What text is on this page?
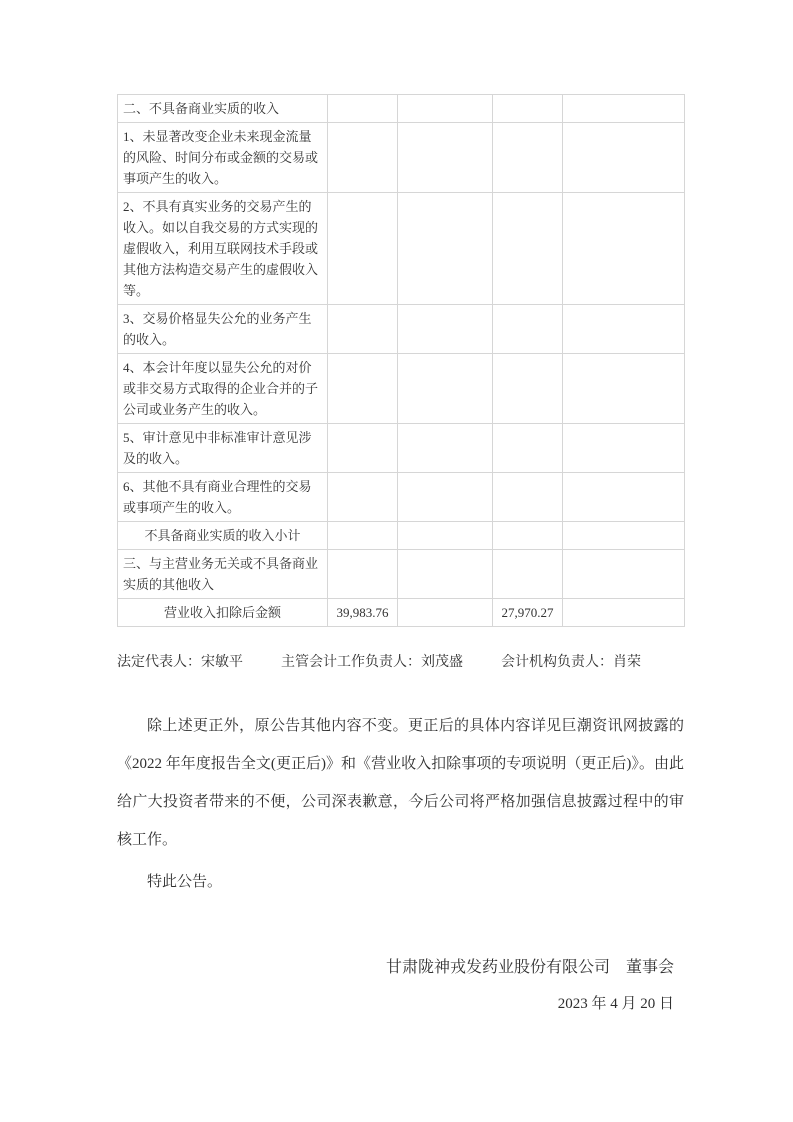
二、不具备商业实质的收入				
1、未显著改变企业未来现金流量的风险、时间分布或金额的交易或事项产生的收入。				
2、不具有真实业务的交易产生的收入。如以自我交易的方式实现的虚假收入，利用互联网技术手段或其他方法构造交易产生的虚假收入等。				
3、交易价格显失公允的业务产生的收入。				
4、本会计年度以显失公允的对价或非交易方式取得的企业合并的子公司或业务产生的收入。				
5、审计意见中非标准审计意见涉及的收入。				
6、其他不具有商业合理性的交易或事项产生的收入。				
不具备商业实质的收入小计				
三、与主营业务无关或不具备商业实质的其他收入				
营业收入扣除后金额	39,983.76		27,970.27	
法定代表人：宋敏平	主管会计工作负责人：刘茂盛	会计机构负责人：肖荣

除上述更正外，原公告其他内容不变。更正后的具体内容详见巨潮资讯网披露的《2022 年年度报告全文(更正后)》和《营业收入扣除事项的专项说明（更正后)》。由此给广大投资者带来的不便，公司深表歉意，今后公司将严格加强信息披露过程中的审核工作。

特此公告。

甘肃陇神戎发药业股份有限公司　董事会
2023 年 4 月 20 日
